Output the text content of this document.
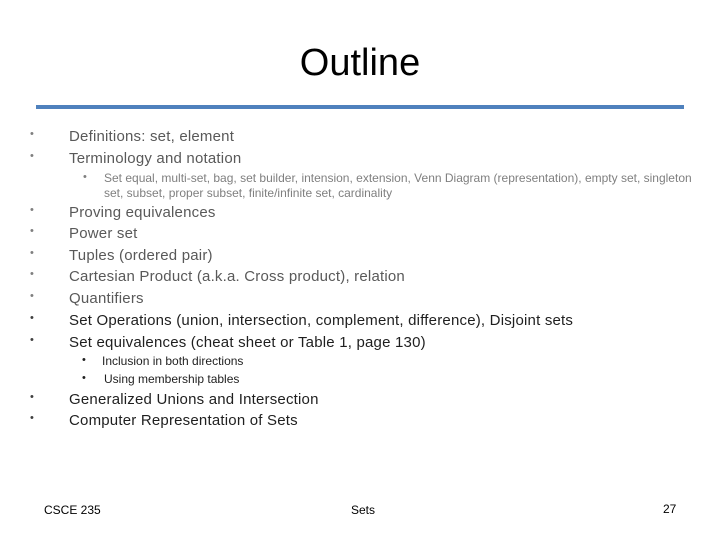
Outline
• Definitions: set, element
• Terminology and notation
• Set equal, multi-set, bag, set builder, intension, extension, Venn Diagram (representation), empty set, singleton set, subset, proper subset, finite/infinite set, cardinality
• Proving equivalences
• Power set
• Tuples (ordered pair)
• Cartesian Product (a.k.a. Cross product), relation
• Quantifiers
• Set Operations (union, intersection, complement, difference), Disjoint sets
• Set equivalences (cheat sheet or Table 1, page 130)
• Inclusion in both directions
• Using membership tables
• Generalized Unions and Intersection
• Computer Representation of Sets
CSCE 235	Sets	27
